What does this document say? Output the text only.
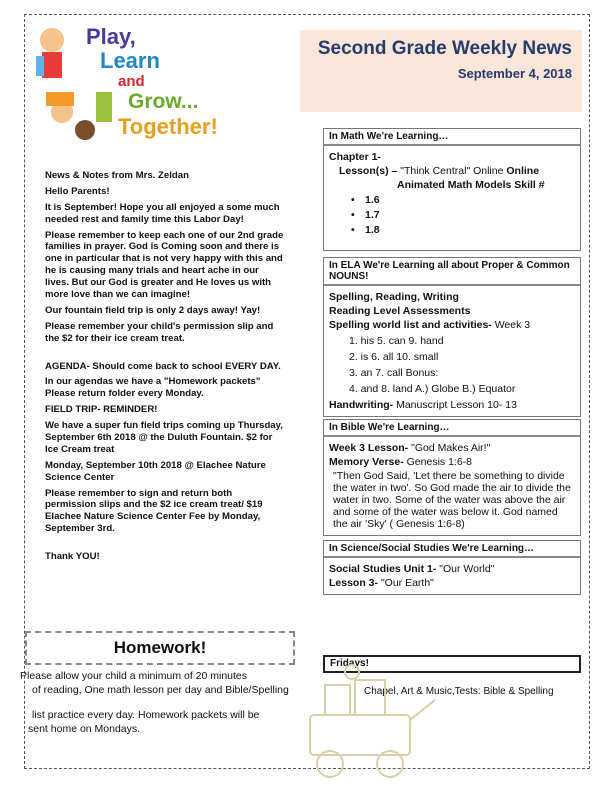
Play,
Learn
and
Grow...
Together!
Second Grade Weekly News
September 4, 2018

News & Notes from Mrs. Zeldan

Hello Parents!

It is September! Hope you all enjoyed a some much needed rest and family time this Labor Day!

Please remember to keep each one of our 2nd grade families in prayer. God is Coming soon and there is one in particular that is not very happy with this and he is causing many trials and heart ache in our lives. But our God is greater and He loves us with more love than we can imagine!

Our fountain field trip is only 2 days away! Yay!

Please remember your child's permission slip and the $2 for their ice cream treat.

AGENDA- Should come back to school EVERY DAY.

In our agendas we have a "Homework packets" Please return folder every Monday.

FIELD TRIP- REMINDER!

We have a super fun field trips coming up Thursday, September 6th 2018 @ the Duluth Fountain. $2 for Ice Cream treat

Monday, September 10th 2018 @ Elachee Nature Science Center

Please remember to sign and return both permission slips and the $2 ice cream treat/ $19 Elachee Nature Science Center Fee by Monday, September 3rd.

Thank YOU!

In Math We're Learning…

Chapter 1-

Lesson(s) – "Think Central" Online Online

Animated Math Models Skill #

• 1.6
• 1.7
• 1.8
In ELA We're Learning all about Proper & Common NOUNS!

Spelling, Reading, Writing

Reading Level Assessments

Spelling world list and activities- Week 3

1. his 5. can 9. hand
2. is 6. all 10. small
3. an 7. call Bonus:
4. and 8. land A.) Globe B.) Equator

Handwriting- Manuscript Lesson 10- 13

In Bible We're Learning…

Week 3 Lesson- "God Makes Air!"

Memory Verse- Genesis 1:6-8

"Then God Said, 'Let there be something to divide the water in two'. So God made the air to divide the water in two. Some of the water was above the air and some of the water was below it. God named the air 'Sky' ( Genesis 1:6-8)

In Science/Social Studies We're Learning…

Social Studies Unit 1- "Our World"

Lesson 3- "Our Earth"

Fridays!
Chapel, Art & Music,Tests: Bible & Spelling
Homework!
Please allow your child a minimum of 20 minutes
of reading, One math lesson per day and Bible/Spelling
list practice every day. Homework packets will be
sent home on Mondays.
